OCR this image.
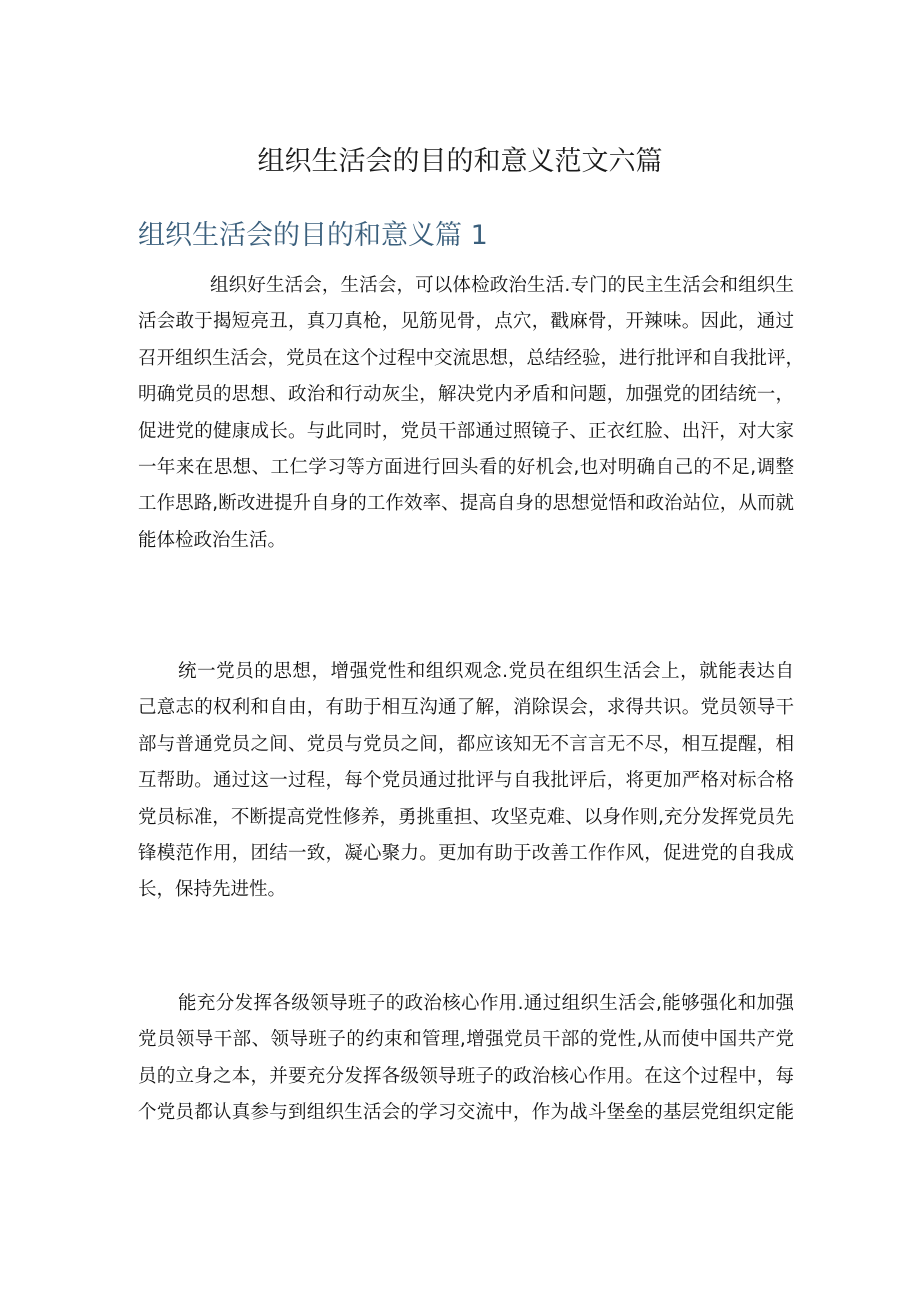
组织生活会的目的和意义范文六篇
组织生活会的目的和意义篇 1
组织好生活会，生活会，可以体检政治生活.专门的民主生活会和组织生
活会敢于揭短亮丑，真刀真枪，见筋见骨，点穴，戳麻骨，开辣味。因此，通过
召开组织生活会，党员在这个过程中交流思想，总结经验，进行批评和自我批评，
明确党员的思想、政治和行动灰尘，解决党内矛盾和问题，加强党的团结统一，
促进党的健康成长。与此同时，党员干部通过照镜子、正衣红脸、出汗，对大家
一年来在思想、工仁学习等方面进行回头看的好机会,也对明确自己的不足,调整
工作思路,断改进提升自身的工作效率、提高自身的思想觉悟和政治站位，从而就
能体检政治生活。
统一党员的思想，增强党性和组织观念.党员在组织生活会上，就能表达自
己意志的权利和自由，有助于相互沟通了解，消除误会，求得共识。党员领导干
部与普通党员之间、党员与党员之间，都应该知无不言言无不尽，相互提醒，相
互帮助。通过这一过程，每个党员通过批评与自我批评后，将更加严格对标合格
党员标准，不断提高党性修养，勇挑重担、攻坚克难、以身作则,充分发挥党员先
锋模范作用，团结一致，凝心聚力。更加有助于改善工作作风，促进党的自我成
长，保持先进性。
能充分发挥各级领导班子的政治核心作用.通过组织生活会,能够强化和加强
党员领导干部、领导班子的约束和管理,增强党员干部的党性,从而使中国共产党
员的立身之本，并要充分发挥各级领导班子的政治核心作用。在这个过程中，每
个党员都认真参与到组织生活会的学习交流中，作为战斗堡垒的基层党组织定能
